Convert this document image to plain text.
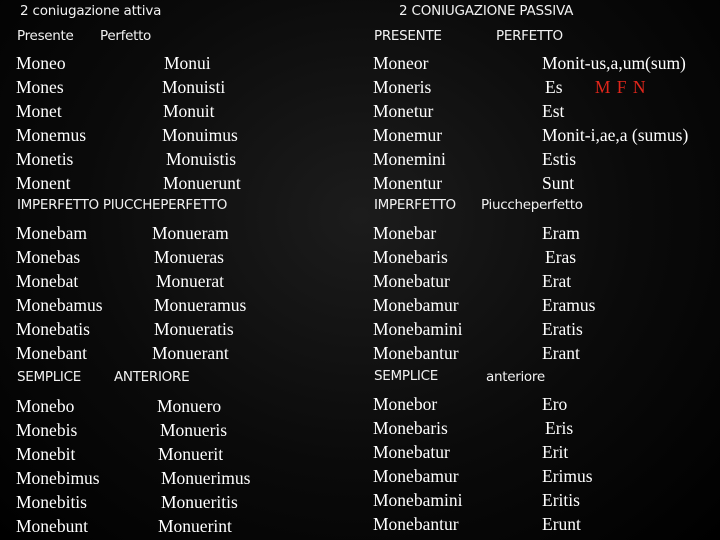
2 coniugazione attiva
Presente Perfetto
Moneo
Mones
Monet
Monemus
Monetis
Monent
Monui
Monuisti
Monuit
Monuimus
Monuistis
Monuerunt
IMPERFETTO PIUCCHEPERFETTO
Monebam
Monebas
Monebat
Monebamus
Monebatis
Monebant
Monueram
Monueras
Monuerat
Monueramus
Monueratis
Monuerant
SEMPLICE ANTERIORE
Monebo
Monebis
Monebit
Monebimus
Monebitis
Monebunt
Monuero
Monueris
Monuerit
Monuerimus
Monueritis
Monuerint
2 CONIUGAZIONE PASSIVA
PRESENTE	PERFETTO
Moneor
Moneris
Monetur
Monemur
Monemini
Monentur
Monit-us,a,um(sum)
Es M F N
Est
Monit-i,ae,a (sumus)
Estis
Sunt
IMPERFETTO Piuccheperfetto
Monebar
Monebaris
Monebatur
Monebamur
Monebamini
Monebantur
Eram
Eras
Erat
Eramus
Eratis
Erant
SEMPLICE	anteriore
Monebor
Monebaris
Monebatur
Monebamur
Monebamini
Monebantur
Ero
Eris
Erit
Erimus
Eritis
Erunt
